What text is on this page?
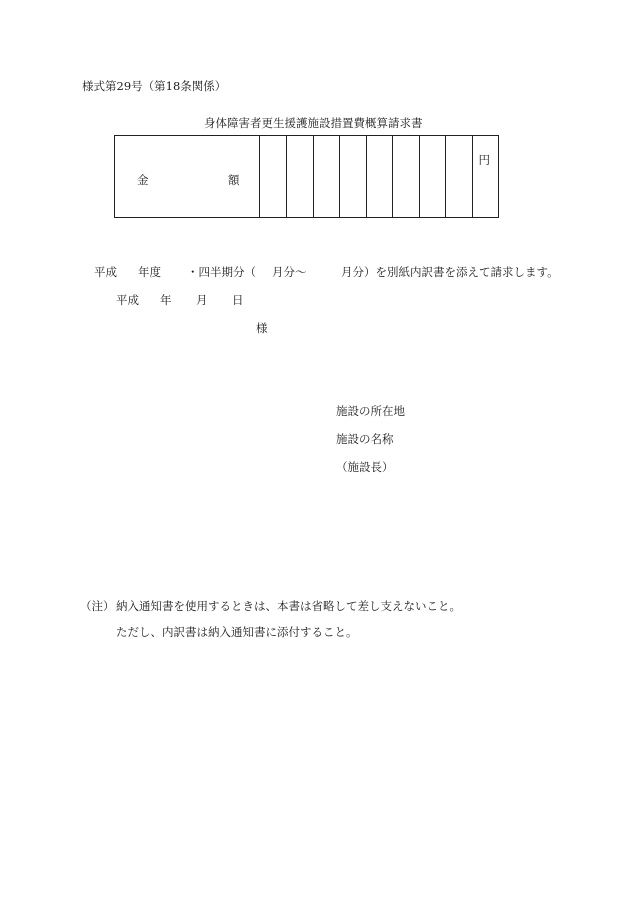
様式第29号（第18条関係）
身体障害者更生援護施設措置費概算請求書
金	額
円
平成 年度 ・四半期分（ 月分～	月分）を別紙内訳書を添えて請求します。
平成 年 月 日
様
施設の所在地
施設の名称
（施設長）
（注） 納入通知書を使用するときは、本書は省略して差し支えないこと。
ただし、内訳書は納入通知書に添付すること。
